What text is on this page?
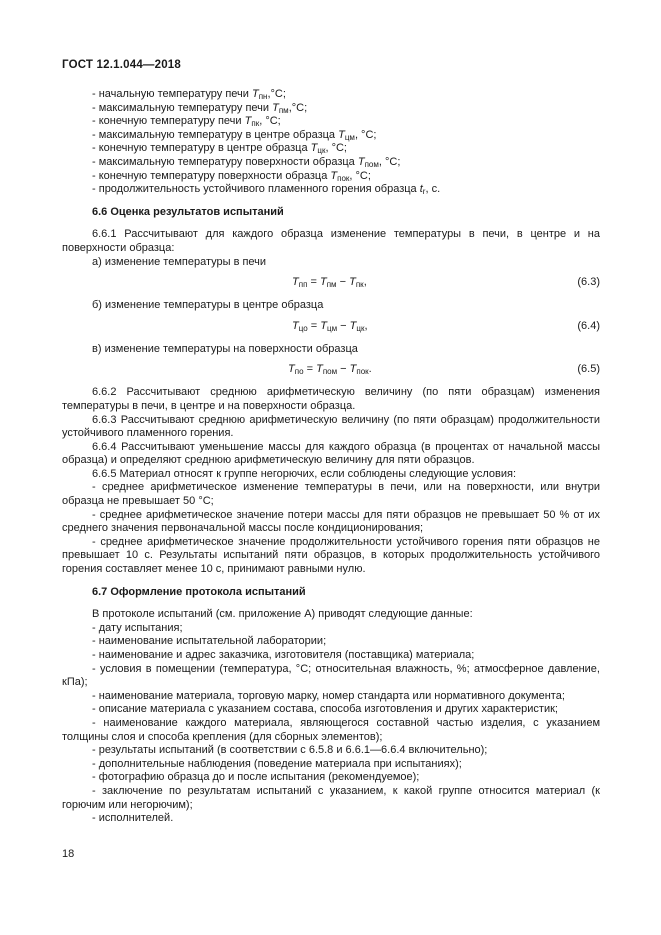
ГОСТ 12.1.044—2018
- начальную температуру печи $T_{пн},^\circ C$;
- максимальную температуру печи $T_{пм},^\circ C$;
- конечную температуру печи $T_{пк}$, °C;
- максимальную температуру в центре образца $T_{цм}$, °C;
- конечную температуру в центре образца $T_{цк}$, °C;
- максимальную температуру поверхности образца $T_{пом}$, °C;
- конечную температуру поверхности образца $T_{пок}$, °C;
- продолжительность устойчивого пламенного горения образца $t_r$, с.
6.6 Оценка результатов испытаний
6.6.1 Рассчитывают для каждого образца изменение температуры в печи, в центре и на поверхности образца:
а) изменение температуры в печи
$T_{пп} = T_{пм} - T_{пк}$,	(6.3)
б) изменение температуры в центре образца
$T_{цо} = T_{цм} - T_{цк}$,	(6.4)
в) изменение температуры на поверхности образца
$T_{по} = T_{пом} - T_{пок}$.	(6.5)
6.6.2 Рассчитывают среднюю арифметическую величину (по пяти образцам) изменения температуры в печи, в центре и на поверхности образца.
6.6.3 Рассчитывают среднюю арифметическую величину (по пяти образцам) продолжительности устойчивого пламенного горения.
6.6.4 Рассчитывают уменьшение массы для каждого образца (в процентах от начальной массы образца) и определяют среднюю арифметическую величину для пяти образцов.
6.6.5 Материал относят к группе негорючих, если соблюдены следующие условия:
- среднее арифметическое изменение температуры в печи, или на поверхности, или внутри образца не превышает 50 °С;
- среднее арифметическое значение потери массы для пяти образцов не превышает 50 % от их среднего значения первоначальной массы после кондиционирования;
- среднее арифметическое значение продолжительности устойчивого горения пяти образцов не превышает 10 с. Результаты испытаний пяти образцов, в которых продолжительность устойчивого горения составляет менее 10 с, принимают равными нулю.
6.7 Оформление протокола испытаний
В протоколе испытаний (см. приложение А) приводят следующие данные:
- дату испытания;
- наименование испытательной лаборатории;
- наименование и адрес заказчика, изготовителя (поставщика) материала;
- условия в помещении (температура, °С; относительная влажность, %; атмосферное давление, кПа);
- наименование материала, торговую марку, номер стандарта или нормативного документа;
- описание материала с указанием состава, способа изготовления и других характеристик;
- наименование каждого материала, являющегося составной частью изделия, с указанием толщины слоя и способа крепления (для сборных элементов);
- результаты испытаний (в соответствии с 6.5.8 и 6.6.1—6.6.4 включительно);
- дополнительные наблюдения (поведение материала при испытаниях);
- фотографию образца до и после испытания (рекомендуемое);
- заключение по результатам испытаний с указанием, к какой группе относится материал (к горючим или негорючим);
- исполнителей.
18
